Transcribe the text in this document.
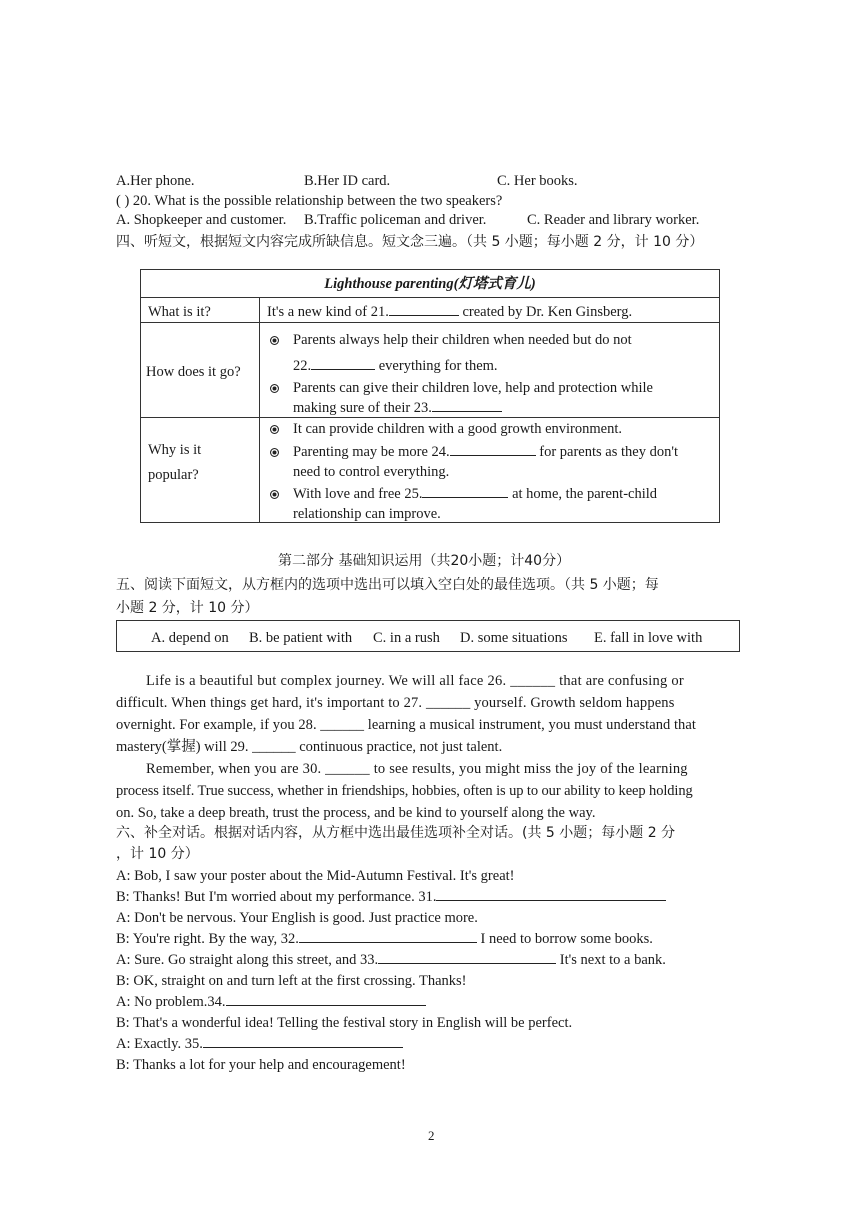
A.Her phone.	B.Her ID card.	C. Her books.
( ) 20. What is the possible relationship between the two speakers?
A. Shopkeeper and customer. B.Traffic policeman and driver.	C. Reader and library worker.
四、听短文，根据短文内容完成所缺信息。短文念三遍。（共 5 小题；每小题 2 分，计 10 分）
Lighthouse parenting(灯塔式育儿)
What is it?	It's a new kind of 21.	created by Dr. Ken Ginsberg.
How does it go?
Parents always help their children when needed but do not
22.	everything for them.
Parents can give their children love, help and protection while
making sure of their 23.
Why is it
popular?
It can provide children with a good growth environment.
Parenting may be more 24.	for parents as they don't
need to control everything.
With love and free 25.	at home, the parent-child
relationship can improve.
第二部分 基础知识运用（共20小题；计40分）
五、阅读下面短文，从方框内的选项中选出可以填入空白处的最佳选项。（共 5 小题；每
小题 2 分，计 10 分）
A. depend on B. be patient with C. in a rush D. some situations E. fall in love with
Life is a beautiful but complex journey. We will all face 26. ______ that are confusing or
difficult. When things get hard, it's important to 27. ______ yourself. Growth seldom happens
overnight. For example, if you 28. ______ learning a musical instrument, you must understand that
mastery(掌握) will 29. ______ continuous practice, not just talent.
Remember, when you are 30. ______ to see results, you might miss the joy of the learning
process itself. True success, whether in friendships, hobbies, often is up to our ability to keep holding
on. So, take a deep breath, trust the process, and be kind to yourself along the way.
六、补全对话。根据对话内容，从方框中选出最佳选项补全对话。(共 5 小题；每小题 2 分
，计 10 分）
A: Bob, I saw your poster about the Mid-Autumn Festival. It's great!
B: Thanks! But I'm worried about my performance. 31.
A: Don't be nervous. Your English is good. Just practice more.
B: You're right. By the way, 32.	I need to borrow some books.
A: Sure. Go straight along this street, and 33.	It's next to a bank.
B: OK, straight on and turn left at the first crossing. Thanks!
A: No problem.34.
B: That's a wonderful idea! Telling the festival story in English will be perfect.
A: Exactly. 35.
B: Thanks a lot for your help and encouragement!
2
